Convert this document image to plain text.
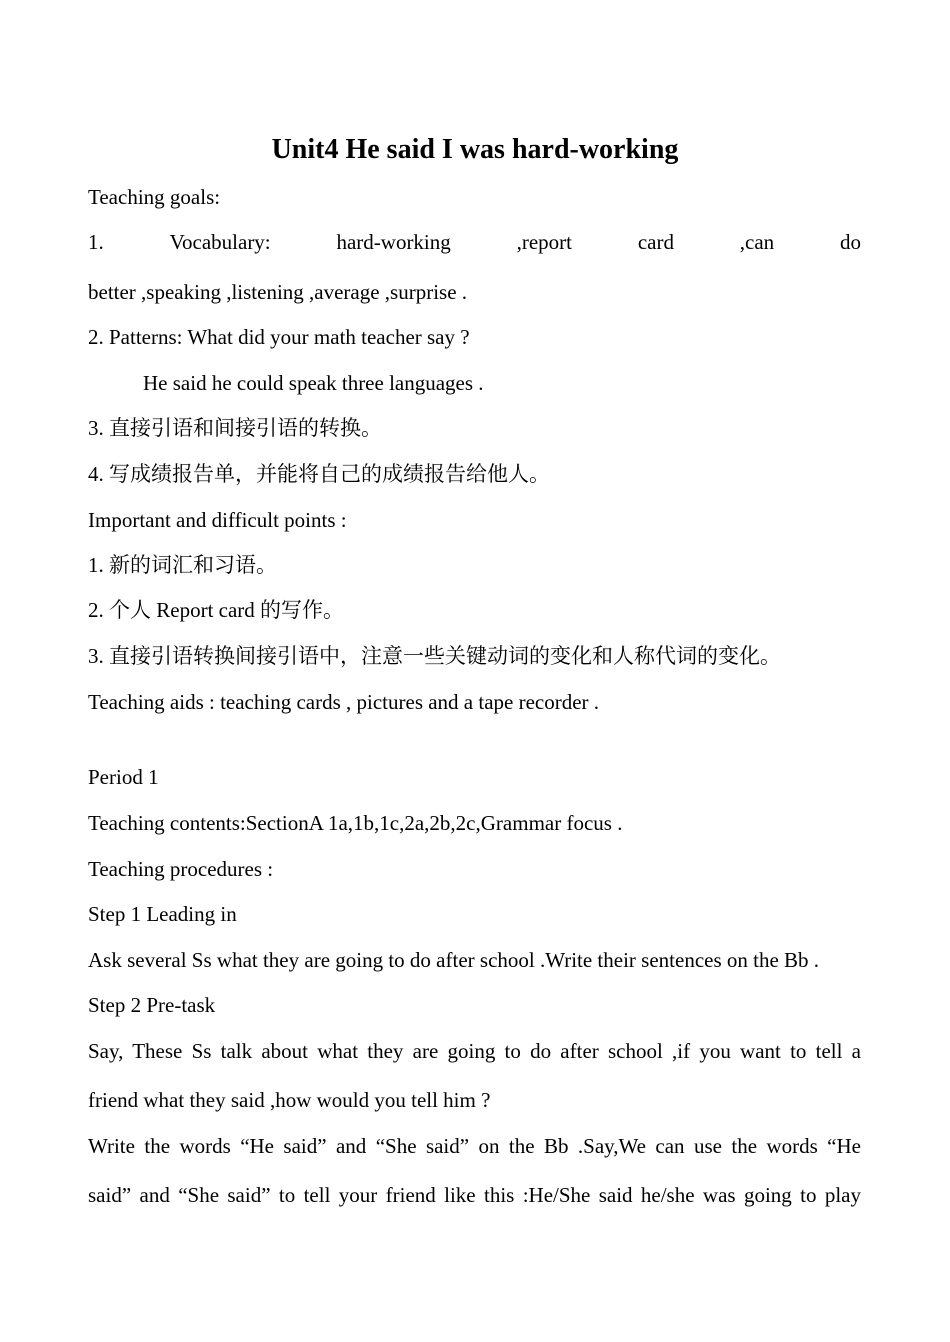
Unit4 He said I was hard-working
Teaching goals:
1.	Vocabulary:	hard-working	,report	card	,can	do
better ,speaking ,listening ,average ,surprise .
2. Patterns: What did your math teacher say ?
He said he could speak three languages .
3. 直接引语和间接引语的转换。
4. 写成绩报告单，并能将自己的成绩报告给他人。
Important and difficult points :
1. 新的词汇和习语。
2. 个人 Report card 的写作。
3. 直接引语转换间接引语中，注意一些关键动词的变化和人称代词的变化。
Teaching aids : teaching cards , pictures and a tape recorder .
Period 1
Teaching contents:SectionA 1a,1b,1c,2a,2b,2c,Grammar focus .
Teaching procedures :
Step 1 Leading in
Ask several Ss what they are going to do after school .Write their sentences on the Bb .
Step 2 Pre-task
Say, These Ss talk about what they are going to do after school ,if you want to tell a
friend what they said ,how would you tell him ?
Write the words “He said” and “She said” on the Bb .Say,We can use the words “He
said” and “She said” to tell your friend like this :He/She said he/she was going to play
